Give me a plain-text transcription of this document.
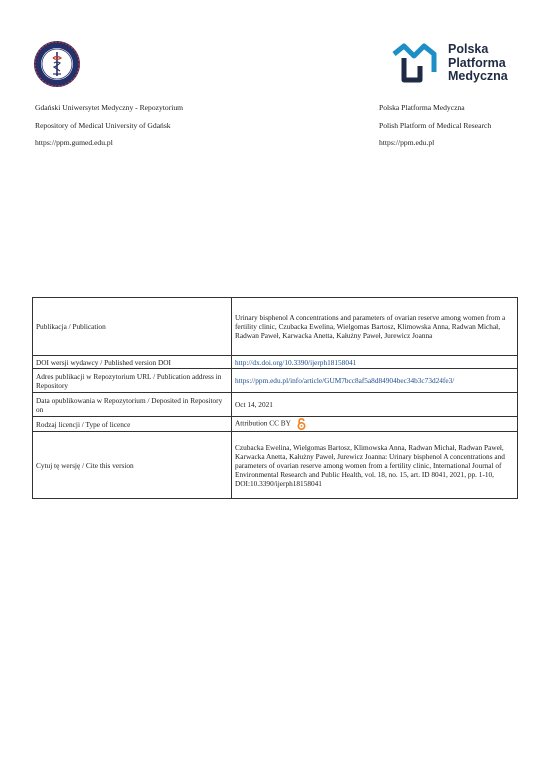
Polska
Platforma
Medyczna
Gdański Uniwersytet Medyczny - Repozytorium
Repository of Medical University of Gdańsk
https://ppm.gumed.edu.pl
Polska Platforma Medyczna
Polish Platform of Medical Research
https://ppm.edu.pl
Publikacja / Publication	Urinary bisphenol A concentrations and parameters of ovarian reserve among women from a fertility clinic, Czubacka Ewelina, Wielgomas Bartosz, Klimowska Anna, Radwan Michał, Radwan Paweł, Karwacka Anetta, Kałużny Paweł, Jurewicz Joanna
DOI wersji wydawcy / Published version DOI	http://dx.doi.org/10.3390/ijerph18158041
Adres publikacji w Repozytorium URL / Publication address in Repository	https://ppm.edu.pl/info/article/GUM7bcc8af5a8d84904bec34b3c73d24fe3/
Data opublikowania w Repozytorium / Deposited in Repository on	Oct 14, 2021
Rodzaj licencji / Type of licence	Attribution CC BY
Cytuj tę wersję / Cite this version	Czubacka Ewelina, Wielgomas Bartosz, Klimowska Anna, Radwan Michał, Radwan Paweł, Karwacka Anetta, Kałużny Paweł, Jurewicz Joanna: Urinary bisphenol A concentrations and parameters of ovarian reserve among women from a fertility clinic, International Journal of Environmental Research and Public Health, vol. 18, no. 15, art. ID 8041, 2021, pp. 1-10, DOI:10.3390/ijerph18158041
